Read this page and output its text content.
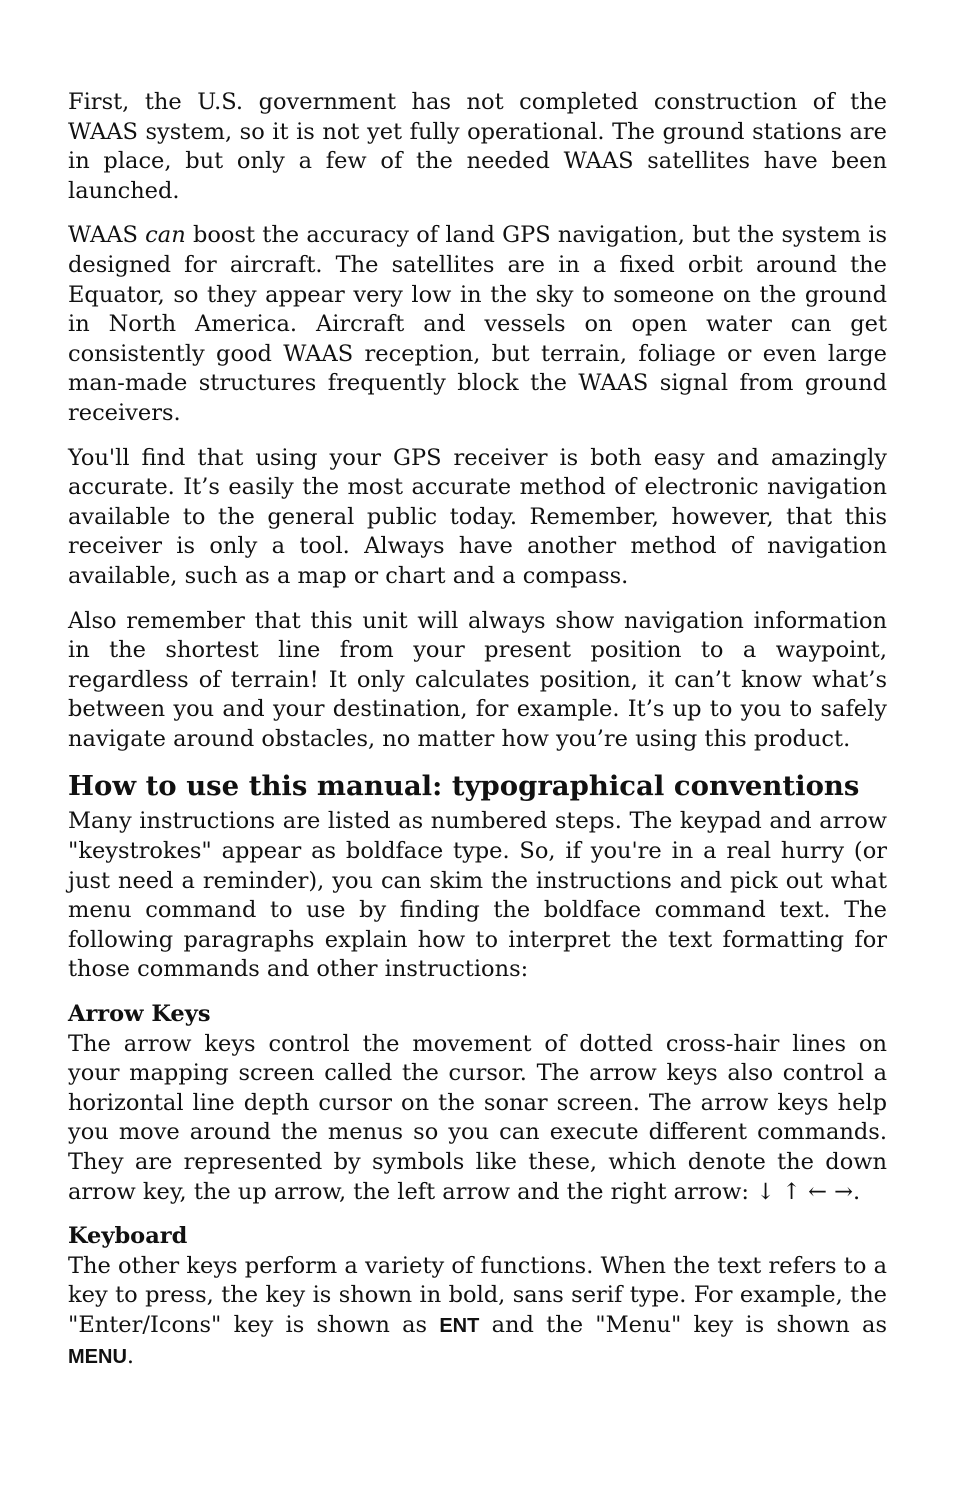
First, the U.S. government has not completed construction of the WAAS system, so it is not yet fully operational. The ground stations are in place, but only a few of the needed WAAS satellites have been launched.

WAAS can boost the accuracy of land GPS navigation, but the system is designed for aircraft. The satellites are in a fixed orbit around the Equator, so they appear very low in the sky to someone on the ground in North America. Aircraft and vessels on open water can get consistently good WAAS reception, but terrain, foliage or even large man-made structures frequently block the WAAS signal from ground receivers.

You'll find that using your GPS receiver is both easy and amazingly accurate. It’s easily the most accurate method of electronic navigation available to the general public today. Remember, however, that this receiver is only a tool. Always have another method of navigation available, such as a map or chart and a compass.

Also remember that this unit will always show navigation information in the shortest line from your present position to a waypoint, regardless of terrain! It only calculates position, it can’t know what’s between you and your destination, for example. It’s up to you to safely navigate around obstacles, no matter how you’re using this product.

How to use this manual: typographical conventions

Many instructions are listed as numbered steps. The keypad and arrow "keystrokes" appear as boldface type. So, if you're in a real hurry (or just need a reminder), you can skim the instructions and pick out what menu command to use by finding the boldface command text. The following paragraphs explain how to interpret the text formatting for those commands and other instructions:

Arrow Keys

The arrow keys control the movement of dotted cross-hair lines on your mapping screen called the cursor. The arrow keys also control a horizontal line depth cursor on the sonar screen. The arrow keys help you move around the menus so you can execute different commands. They are represented by symbols like these, which denote the down arrow key, the up arrow, the left arrow and the right arrow: ↓ ↑ ← →.

Keyboard

The other keys perform a variety of functions. When the text refers to a key to press, the key is shown in bold, sans serif type. For example, the "Enter/Icons" key is shown as ENT and the "Menu" key is shown as MENU.
